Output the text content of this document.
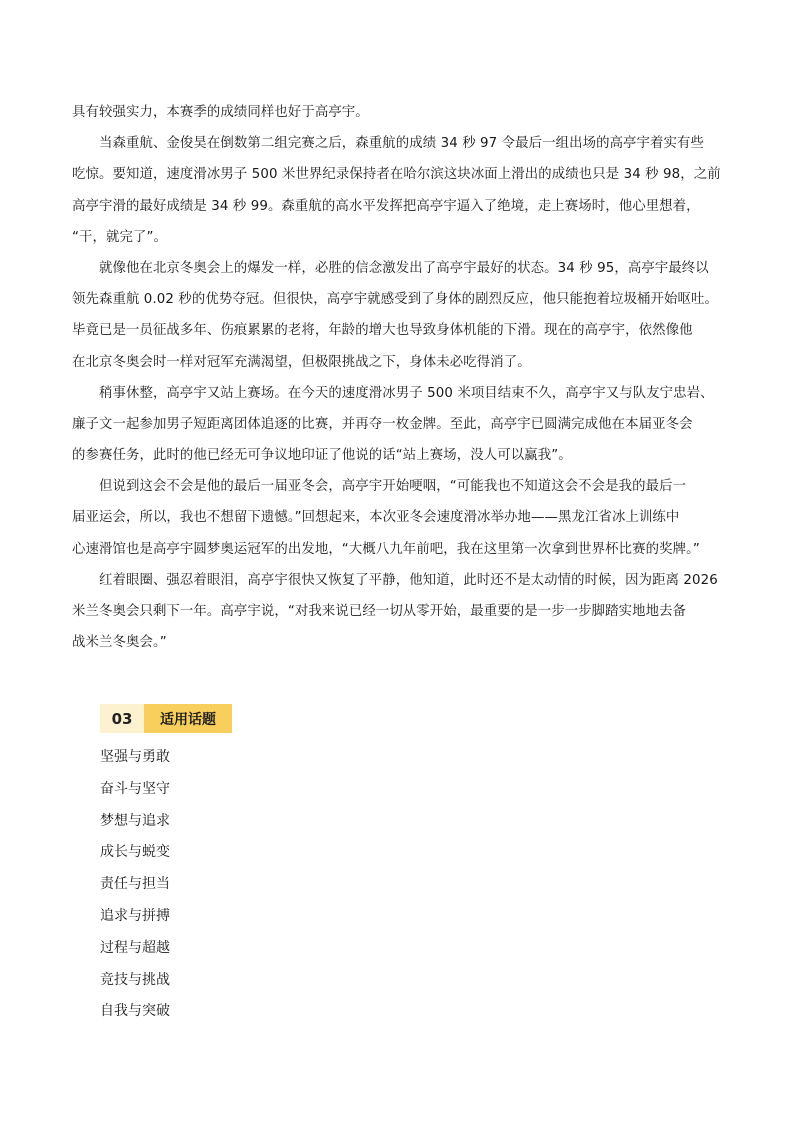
具有较强实力，本赛季的成绩同样也好于高亭宇。
　　当森重航、金俊昊在倒数第二组完赛之后，森重航的成绩 34 秒 97 令最后一组出场的高亭宇着实有些
吃惊。要知道，速度滑冰男子 500 米世界纪录保持者在哈尔滨这块冰面上滑出的成绩也只是 34 秒 98，之前
高亭宇滑的最好成绩是 34 秒 99。森重航的高水平发挥把高亭宇逼入了绝境，走上赛场时，他心里想着，
“干，就完了”。
　　就像他在北京冬奥会上的爆发一样，必胜的信念激发出了高亭宇最好的状态。34 秒 95，高亭宇最终以
领先森重航 0.02 秒的优势夺冠。但很快，高亭宇就感受到了身体的剧烈反应，他只能抱着垃圾桶开始呕吐。
毕竟已是一员征战多年、伤痕累累的老将，年龄的增大也导致身体机能的下滑。现在的高亭宇，依然像他
在北京冬奥会时一样对冠军充满渴望，但极限挑战之下，身体未必吃得消了。
　　稍事休整，高亭宇又站上赛场。在今天的速度滑冰男子 500 米项目结束不久，高亭宇又与队友宁忠岩、
廉子文一起参加男子短距离团体追逐的比赛，并再夺一枚金牌。至此，高亭宇已圆满完成他在本届亚冬会
的参赛任务，此时的他已经无可争议地印证了他说的话“站上赛场，没人可以赢我”。
　　但说到这会不会是他的最后一届亚冬会，高亭宇开始哽咽，“可能我也不知道这会不会是我的最后一
届亚运会，所以，我也不想留下遗憾。”回想起来，本次亚冬会速度滑冰举办地——黑龙江省冰上训练中
心速滑馆也是高亭宇圆梦奥运冠军的出发地，“大概八九年前吧，我在这里第一次拿到世界杯比赛的奖牌。”
　　红着眼圈、强忍着眼泪，高亭宇很快又恢复了平静，他知道，此时还不是太动情的时候，因为距离 2026
米兰冬奥会只剩下一年。高亭宇说，“对我来说已经一切从零开始，最重要的是一步一步脚踏实地地去备
战米兰冬奥会。”
03	适用话题
坚强与勇敢
奋斗与坚守
梦想与追求
成长与蜕变
责任与担当
追求与拼搏
过程与超越
竞技与挑战
自我与突破
